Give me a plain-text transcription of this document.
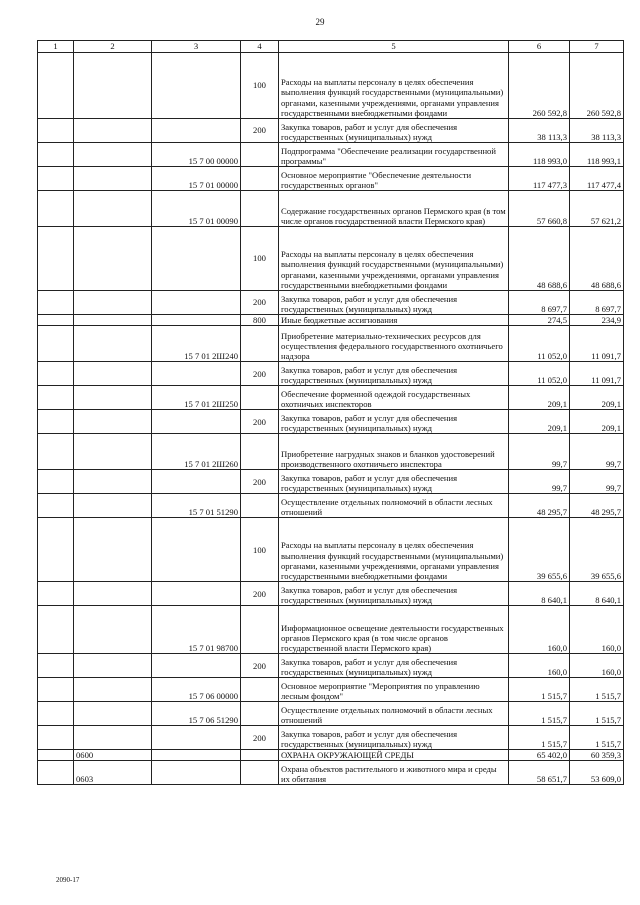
29
1	2	3	4	5	6	7
			100	Расходы на выплаты персоналу в целях обеспечения выполнения функций государственными (муниципальными) органами, казенными учреждениями, органами управления государственными внебюджетными фондами	260 592,8	260 592,8
			200	Закупка товаров, работ и услуг для обеспечения государственных (муниципальных) нужд	38 113,3	38 113,3
		15 7 00 00000		Подпрограмма "Обеспечение реализации государственной программы"	118 993,0	118 993,1
		15 7 01 00000		Основное мероприятие "Обеспечение деятельности государственных органов"	117 477,3	117 477,4
		15 7 01 00090		Содержание государственных органов Пермского края (в том числе органов государственной власти Пермского края)	57 660,8	57 621,2
			100	Расходы на выплаты персоналу в целях обеспечения выполнения функций государственными (муниципальными) органами, казенными учреждениями, органами управления государственными внебюджетными фондами	48 688,6	48 688,6
			200	Закупка товаров, работ и услуг для обеспечения государственных (муниципальных) нужд	8 697,7	8 697,7
			800	Иные бюджетные ассигнования	274,5	234,9
		15 7 01 2Ш240		Приобретение материально-технических ресурсов для осуществления федерального государственного охотничьего надзора	11 052,0	11 091,7
			200	Закупка товаров, работ и услуг для обеспечения государственных (муниципальных) нужд	11 052,0	11 091,7
		15 7 01 2Ш250		Обеспечение форменной одеждой государственных охотничьих инспекторов	209,1	209,1
			200	Закупка товаров, работ и услуг для обеспечения государственных (муниципальных) нужд	209,1	209,1
		15 7 01 2Ш260		Приобретение нагрудных знаков и бланков удостоверений производственного охотничьего инспектора	99,7	99,7
			200	Закупка товаров, работ и услуг для обеспечения государственных (муниципальных) нужд	99,7	99,7
		15 7 01 51290		Осуществление отдельных полномочий в области лесных отношений	48 295,7	48 295,7
			100	Расходы на выплаты персоналу в целях обеспечения выполнения функций государственными (муниципальными) органами, казенными учреждениями, органами управления государственными внебюджетными фондами	39 655,6	39 655,6
			200	Закупка товаров, работ и услуг для обеспечения государственных (муниципальных) нужд	8 640,1	8 640,1
		15 7 01 98700		Информационное освещение деятельности государственных органов Пермского края (в том числе органов государственной власти Пермского края)	160,0	160,0
			200	Закупка товаров, работ и услуг для обеспечения государственных (муниципальных) нужд	160,0	160,0
		15 7 06 00000		Основное мероприятие "Мероприятия по управлению лесным фондом"	1 515,7	1 515,7
		15 7 06 51290		Осуществление отдельных полномочий в области лесных отношений	1 515,7	1 515,7
			200	Закупка товаров, работ и услуг для обеспечения государственных (муниципальных) нужд	1 515,7	1 515,7
	0600			ОХРАНА ОКРУЖАЮЩЕЙ СРЕДЫ	65 402,0	60 359,3
	0603			Охрана объектов растительного и животного мира и среды их обитания	58 651,7	53 609,0
2090-17
